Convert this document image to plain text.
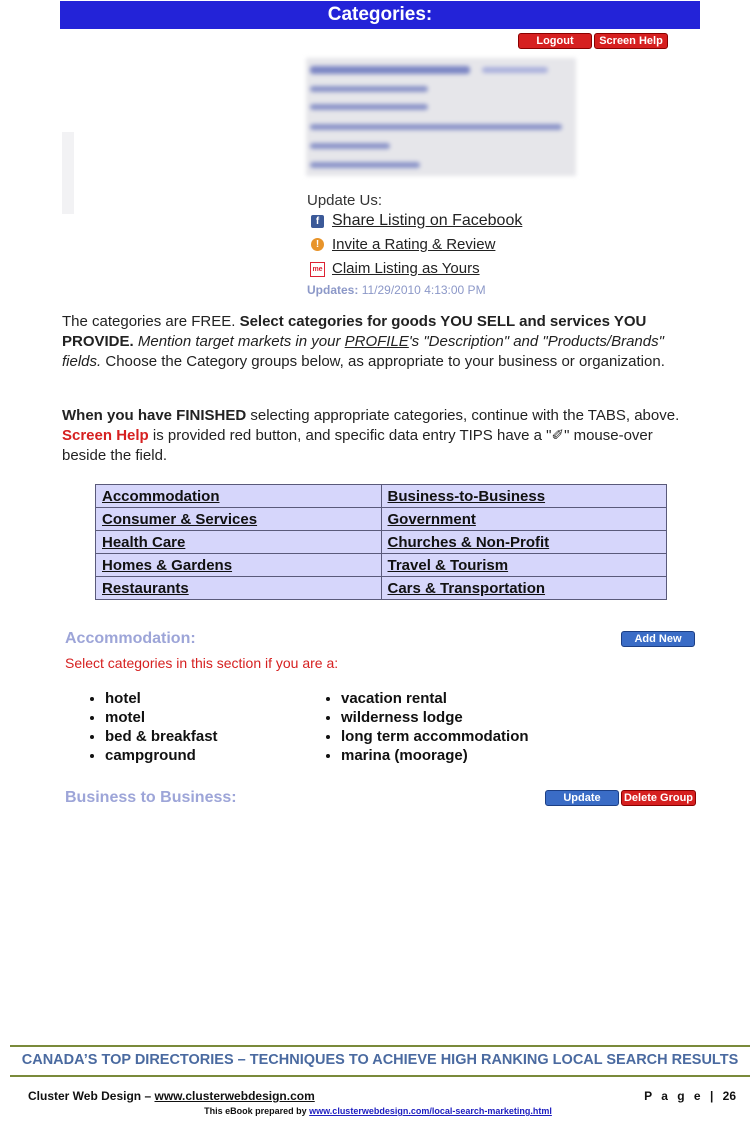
Categories:
Logout	Screen Help
Update Us:
f Share Listing on Facebook
! Invite a Rating & Review
me Claim Listing as Yours
Updates: 11/29/2010 4:13:00 PM
The categories are FREE. Select categories for goods YOU SELL and services YOU PROVIDE. Mention target markets in your PROFILE's "Description" and "Products/Brands" fields. Choose the Category groups below, as appropriate to your business or organization.
When you have FINISHED selecting appropriate categories, continue with the TABS, above. Screen Help is provided red button, and specific data entry TIPS have a "✐" mouse-over beside the field.
Accommodation	Business-to-Business
Consumer & Services	Government
Health Care	Churches & Non-Profit
Homes & Gardens	Travel & Tourism
Restaurants	Cars & Transportation
Accommodation:	Add New
Select categories in this section if you are a:
• hotel
• motel
• bed & breakfast
• campground
• vacation rental
• wilderness lodge
• long term accommodation
• marina (moorage)
Business to Business:	Update	Delete Group
CANADA’S TOP DIRECTORIES – TECHNIQUES TO ACHIEVE HIGH RANKING LOCAL SEARCH RESULTS
Cluster Web Design – www.clusterwebdesign.com	P a g e | 26
This eBook prepared by www.clusterwebdesign.com/local-search-marketing.html
